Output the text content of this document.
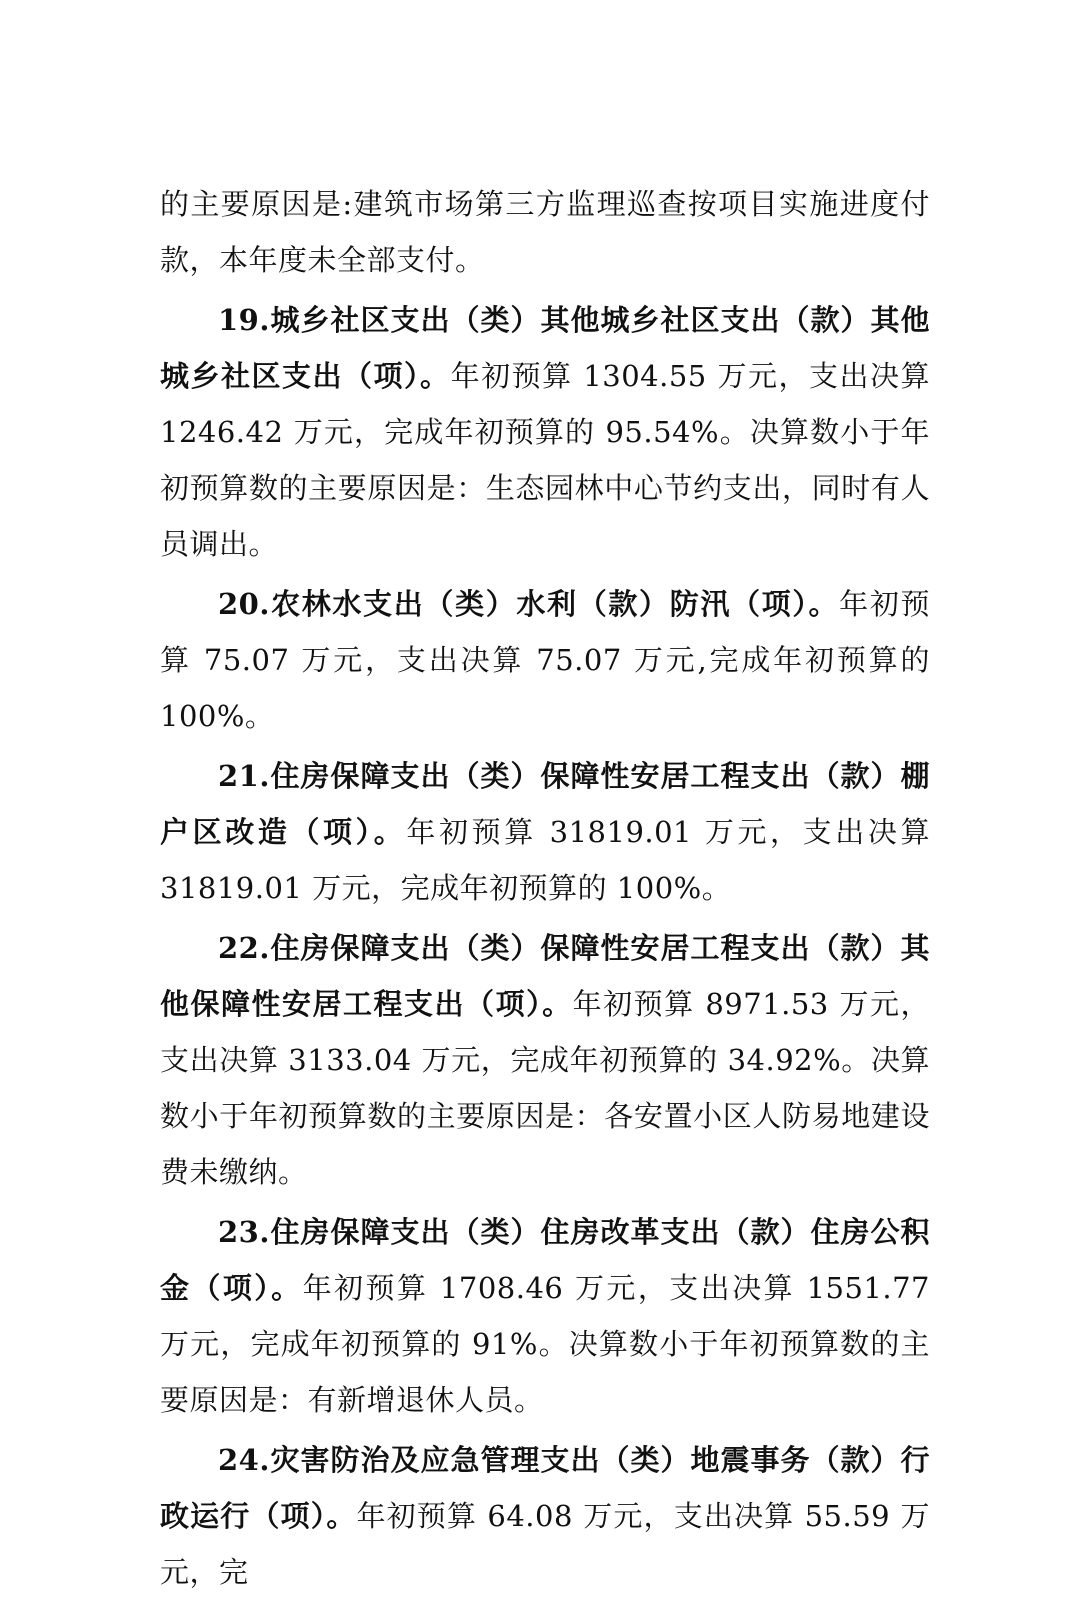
的主要原因是:建筑市场第三方监理巡查按项目实施进度付款，本年度未全部支付。

19.城乡社区支出（类）其他城乡社区支出（款）其他城乡社区支出（项）。年初预算 1304.55 万元，支出决算 1246.42 万元，完成年初预算的 95.54%。决算数小于年初预算数的主要原因是：生态园林中心节约支出，同时有人员调出。

20.农林水支出（类）水利（款）防汛（项）。年初预算 75.07 万元，支出决算 75.07 万元,完成年初预算的 100%。

21.住房保障支出（类）保障性安居工程支出（款）棚户区改造（项）。年初预算 31819.01 万元，支出决算 31819.01 万元，完成年初预算的 100%。

22.住房保障支出（类）保障性安居工程支出（款）其他保障性安居工程支出（项）。年初预算 8971.53 万元，支出决算 3133.04 万元，完成年初预算的 34.92%。决算数小于年初预算数的主要原因是：各安置小区人防易地建设费未缴纳。

23.住房保障支出（类）住房改革支出（款）住房公积金（项）。年初预算 1708.46 万元，支出决算 1551.77 万元，完成年初预算的 91%。决算数小于年初预算数的主要原因是：有新增退休人员。

24.灾害防治及应急管理支出（类）地震事务（款）行政运行（项）。年初预算 64.08 万元，支出决算 55.59 万元，完
